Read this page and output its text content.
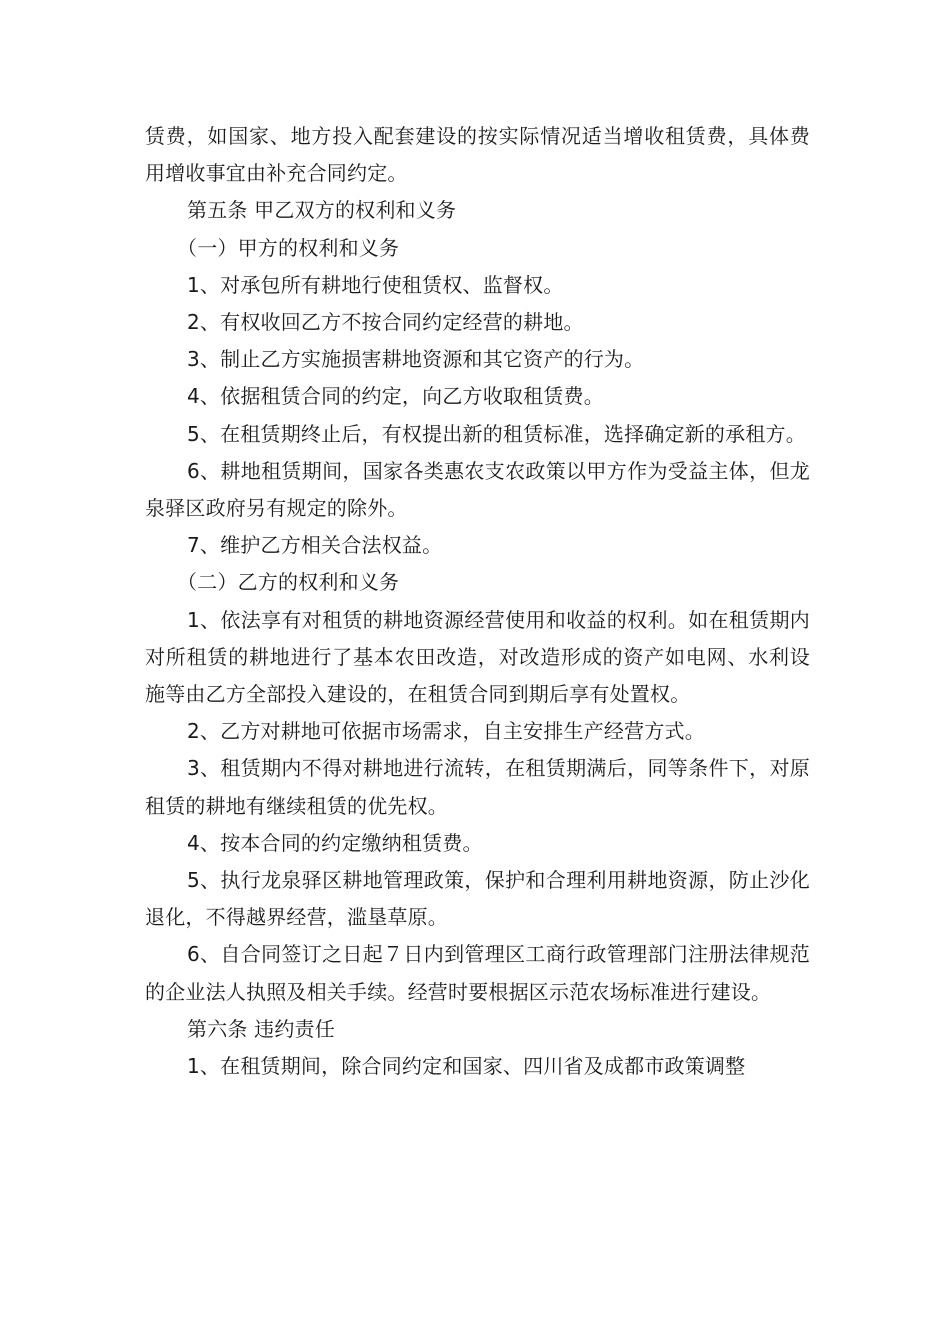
赁费，如国家、地方投入配套建设的按实际情况适当增收租赁费，具体费用增收事宜由补充合同约定。

第五条 甲乙双方的权利和义务

（一）甲方的权利和义务

1、对承包所有耕地行使租赁权、监督权。

2、有权收回乙方不按合同约定经营的耕地。

3、制止乙方实施损害耕地资源和其它资产的行为。

4、依据租赁合同的约定，向乙方收取租赁费。

5、在租赁期终止后，有权提出新的租赁标准，选择确定新的承租方。

6、耕地租赁期间，国家各类惠农支农政策以甲方作为受益主体，但龙泉驿区政府另有规定的除外。

7、维护乙方相关合法权益。

（二）乙方的权利和义务

1、依法享有对租赁的耕地资源经营使用和收益的权利。如在租赁期内对所租赁的耕地进行了基本农田改造，对改造形成的资产如电网、水利设施等由乙方全部投入建设的，在租赁合同到期后享有处置权。

2、乙方对耕地可依据市场需求，自主安排生产经营方式。

3、租赁期内不得对耕地进行流转，在租赁期满后，同等条件下，对原租赁的耕地有继续租赁的优先权。

4、按本合同的约定缴纳租赁费。

5、执行龙泉驿区耕地管理政策，保护和合理利用耕地资源，防止沙化退化，不得越界经营，滥垦草原。

6、自合同签订之日起７日内到管理区工商行政管理部门注册法律规范的企业法人执照及相关手续。经营时要根据区示范农场标准进行建设。

第六条 违约责任

1、在租赁期间，除合同约定和国家、四川省及成都市政策调整
